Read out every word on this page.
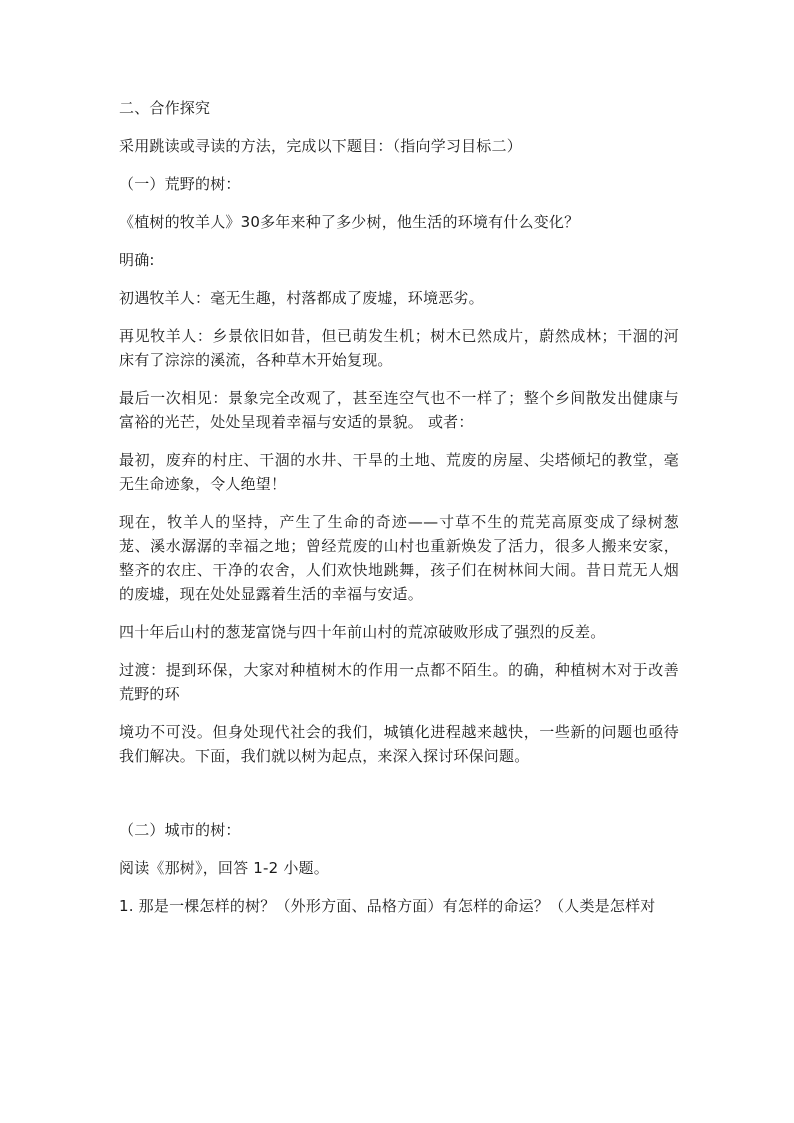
二、合作探究

采用跳读或寻读的方法，完成以下题目：（指向学习目标二）

（一）荒野的树：

《植树的牧羊人》30多年来种了多少树，他生活的环境有什么变化？

明确:

初遇牧羊人：毫无生趣，村落都成了废墟，环境恶劣。

再见牧羊人：乡景依旧如昔，但已萌发生机；树木已然成片，蔚然成林；干涸的河床有了淙淙的溪流，各种草木开始复现。

最后一次相见：景象完全改观了，甚至连空气也不一样了；整个乡间散发出健康与富裕的光芒，处处呈现着幸福与安适的景貌。 或者：

最初，废弃的村庄、干涸的水井、干旱的土地、荒废的房屋、尖塔倾圮的教堂，毫无生命迹象，令人绝望！

现在，牧羊人的坚持，产生了生命的奇迹——寸草不生的荒芜高原变成了绿树葱茏、溪水潺潺的幸福之地；曾经荒废的山村也重新焕发了活力，很多人搬来安家，整齐的农庄、干净的农舍，人们欢快地跳舞，孩子们在树林间大闹。昔日荒无人烟的废墟，现在处处显露着生活的幸福与安适。

四十年后山村的葱茏富饶与四十年前山村的荒凉破败形成了强烈的反差。

过渡：提到环保，大家对种植树木的作用一点都不陌生。的确，种植树木对于改善荒野的环

境功不可没。但身处现代社会的我们，城镇化进程越来越快，一些新的问题也亟待我们解决。下面，我们就以树为起点，来深入探讨环保问题。

（二）城市的树：

阅读《那树》，回答 1-2 小题。

1. 那是一棵怎样的树？（外形方面、品格方面）有怎样的命运？（人类是怎样对
